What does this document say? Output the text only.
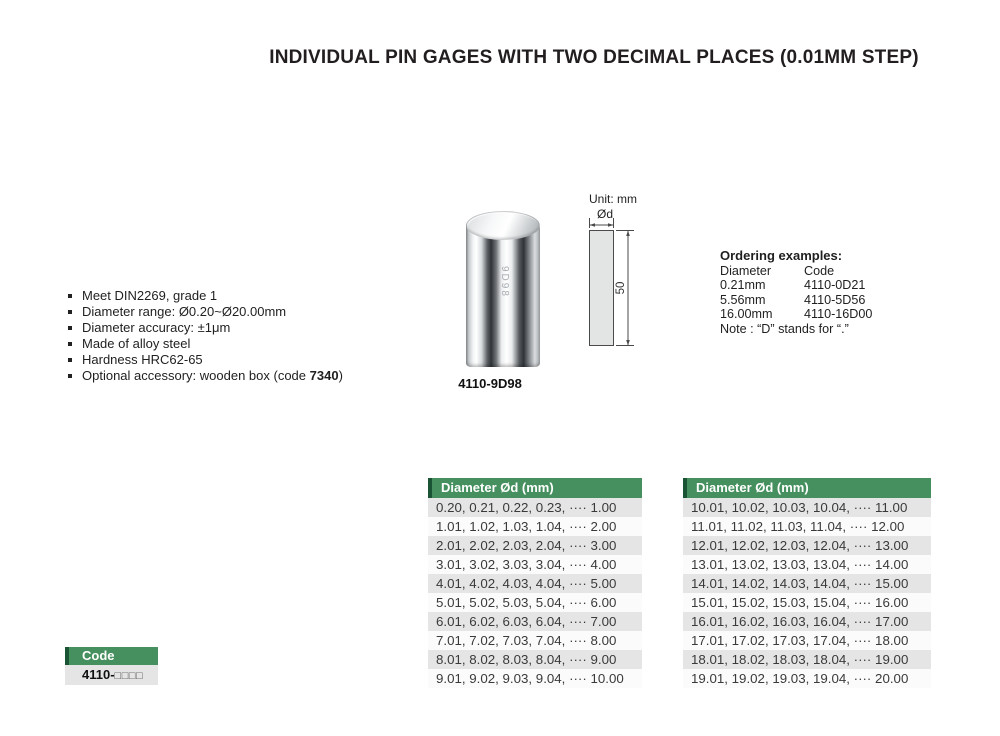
INDIVIDUAL PIN GAGES WITH TWO DECIMAL PLACES (0.01MM STEP)
Meet DIN2269, grade 1
Diameter range: Ø0.20~Ø20.00mm
Diameter accuracy: ±1μm
Made of alloy steel
Hardness HRC62-65
Optional accessory: wooden box (code 7340)
9D98
4110-9D98
Unit: mm
Ød
50
Ordering examples:
Diameter	Code
0.21mm	4110-0D21
5.56mm	4110-5D56
16.00mm	4110-16D00
Note : “D” stands for “.”
Diameter Ød (mm)
0.20, 0.21, 0.22, 0.23, ···· 1.00
1.01, 1.02, 1.03, 1.04, ···· 2.00
2.01, 2.02, 2.03, 2.04, ···· 3.00
3.01, 3.02, 3.03, 3.04, ···· 4.00
4.01, 4.02, 4.03, 4.04, ···· 5.00
5.01, 5.02, 5.03, 5.04, ···· 6.00
6.01, 6.02, 6.03, 6.04, ···· 7.00
7.01, 7.02, 7.03, 7.04, ···· 8.00
8.01, 8.02, 8.03, 8.04, ···· 9.00
9.01, 9.02, 9.03, 9.04, ···· 10.00
Diameter Ød (mm)
10.01, 10.02, 10.03, 10.04, ···· 11.00
11.01, 11.02, 11.03, 11.04, ···· 12.00
12.01, 12.02, 12.03, 12.04, ···· 13.00
13.01, 13.02, 13.03, 13.04, ···· 14.00
14.01, 14.02, 14.03, 14.04, ···· 15.00
15.01, 15.02, 15.03, 15.04, ···· 16.00
16.01, 16.02, 16.03, 16.04, ···· 17.00
17.01, 17.02, 17.03, 17.04, ···· 18.00
18.01, 18.02, 18.03, 18.04, ···· 19.00
19.01, 19.02, 19.03, 19.04, ···· 20.00
Code
4110-□□□□
